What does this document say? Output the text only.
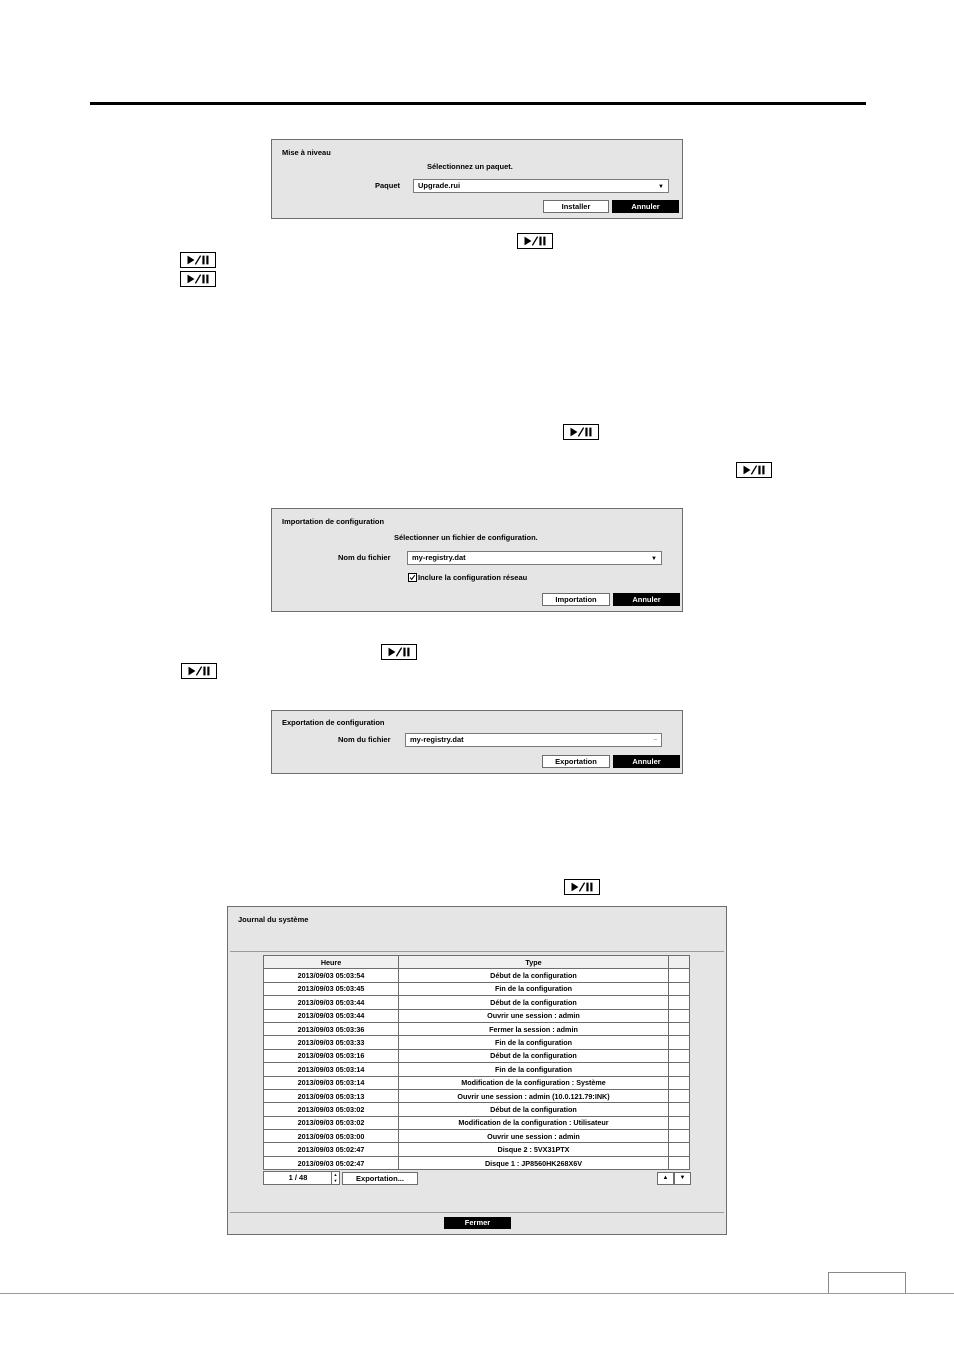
Mise à niveau
Sélectionnez un paquet.
Paquet	Upgrade.rui	▼
Installer	Annuler
Importation de configuration
Sélectionner un fichier de configuration.
Nom du fichier	my-registry.dat	▼
Inclure la configuration réseau
Importation	Annuler
Exportation de configuration
Nom du fichier	my-registry.dat	_
Exportation	Annuler
Journal du système
Heure	Type	
2013/09/03 05:03:54	Début de la configuration	
2013/09/03 05:03:45	Fin de la configuration	
2013/09/03 05:03:44	Début de la configuration	
2013/09/03 05:03:44	Ouvrir une session : admin	
2013/09/03 05:03:36	Fermer la session : admin	
2013/09/03 05:03:33	Fin de la configuration	
2013/09/03 05:03:16	Début de la configuration	
2013/09/03 05:03:14	Fin de la configuration	
2013/09/03 05:03:14	Modification de la configuration : Système	
2013/09/03 05:03:13	Ouvrir une session : admin (10.0.121.79:INK)	
2013/09/03 05:03:02	Début de la configuration	
2013/09/03 05:03:02	Modification de la configuration : Utilisateur	
2013/09/03 05:03:00	Ouvrir une session : admin	
2013/09/03 05:02:47	Disque 2 : 5VX31PTX	
2013/09/03 05:02:47	Disque 1 : JP8560HK268X6V	
1 / 48	▲
▼	Exportation...	▲	▼
Fermer
